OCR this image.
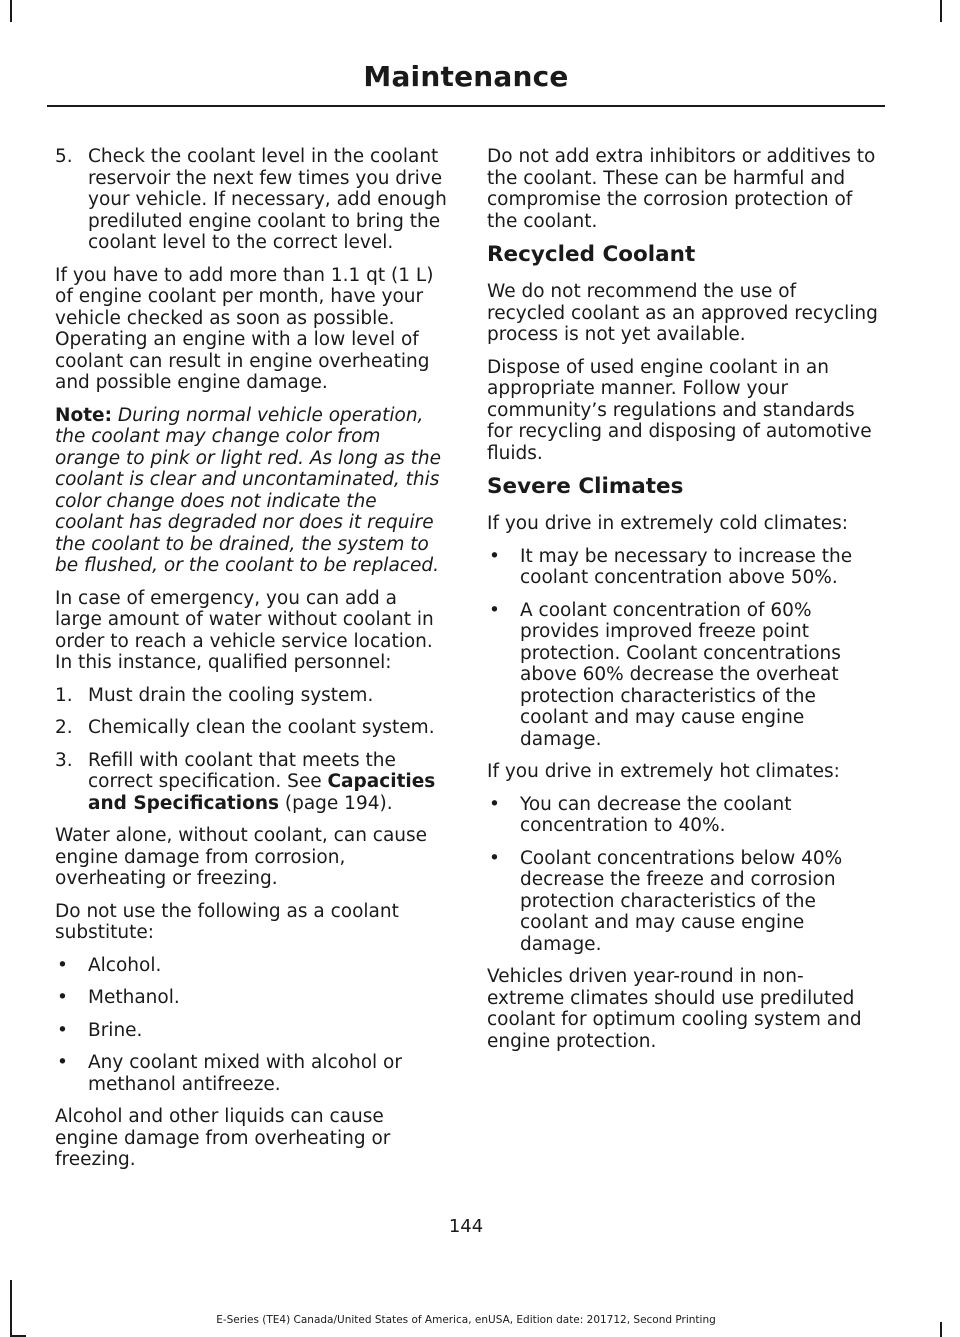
Maintenance
5. Check the coolant level in the coolant reservoir the next few times you drive your vehicle. If necessary, add enough prediluted engine coolant to bring the coolant level to the correct level.

If you have to add more than 1.1 qt (1 L) of engine coolant per month, have your vehicle checked as soon as possible. Operating an engine with a low level of coolant can result in engine overheating and possible engine damage.

Note: During normal vehicle operation, the coolant may change color from orange to pink or light red. As long as the coolant is clear and uncontaminated, this color change does not indicate the coolant has degraded nor does it require the coolant to be drained, the system to be flushed, or the coolant to be replaced.

In case of emergency, you can add a large amount of water without coolant in order to reach a vehicle service location. In this instance, qualified personnel:

1. Must drain the cooling system.
2. Chemically clean the coolant system.
3. Refill with coolant that meets the correct specification. See Capacities and Specifications (page 194).

Water alone, without coolant, can cause engine damage from corrosion, overheating or freezing.

Do not use the following as a coolant substitute:

•	Alcohol.
•	Methanol.
•	Brine.
•	Any coolant mixed with alcohol or methanol antifreeze.

Alcohol and other liquids can cause engine damage from overheating or freezing.

Do not add extra inhibitors or additives to the coolant. These can be harmful and compromise the corrosion protection of the coolant.

Recycled Coolant

We do not recommend the use of recycled coolant as an approved recycling process is not yet available.

Dispose of used engine coolant in an appropriate manner. Follow your community’s regulations and standards for recycling and disposing of automotive fluids.

Severe Climates

If you drive in extremely cold climates:

•	It may be necessary to increase the coolant concentration above 50%.
•	A coolant concentration of 60% provides improved freeze point protection. Coolant concentrations above 60% decrease the overheat protection characteristics of the coolant and may cause engine damage.

If you drive in extremely hot climates:

•	You can decrease the coolant concentration to 40%.
•	Coolant concentrations below 40% decrease the freeze and corrosion protection characteristics of the coolant and may cause engine damage.

Vehicles driven year-round in non-extreme climates should use prediluted coolant for optimum cooling system and engine protection.

144
E-Series (TE4) Canada/United States of America, enUSA, Edition date: 201712, Second Printing
